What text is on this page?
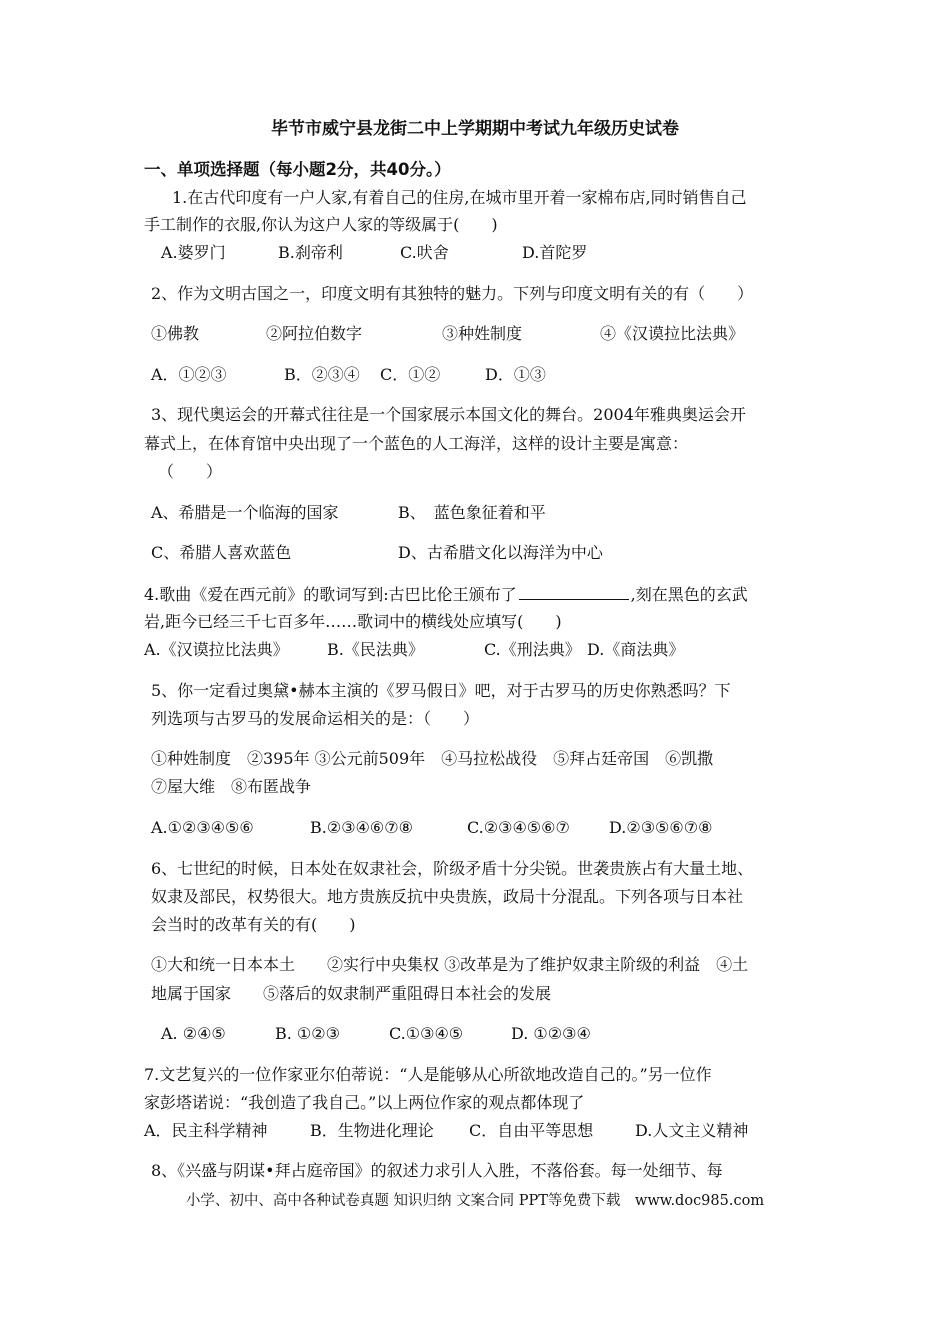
毕节市威宁县龙街二中上学期期中考试九年级历史试卷
一、单项选择题（每小题2分，共40分。）
1.在古代印度有一户人家,有着自己的住房,在城市里开着一家棉布店,同时销售自己
手工制作的衣服,你认为这户人家的等级属于(　　)
A.婆罗门	B.刹帝利	C.吠舍	D.首陀罗
2、作为文明古国之一，印度文明有其独特的魅力。下列与印度文明有关的有（　　）
①佛教	②阿拉伯数字	③种姓制度	④《汉谟拉比法典》
A．①②③	B．②③④ C．①②	D．①③
3、现代奥运会的开幕式往往是一个国家展示本国文化的舞台。2004年雅典奥运会开
幕式上，在体育馆中央出现了一个蓝色的人工海洋，这样的设计主要是寓意：
（　　）
A、希腊是一个临海的国家	B、　蓝色象征着和平
C、希腊人喜欢蓝色	D、古希腊文化以海洋为中心
4.歌曲《爱在西元前》的歌词写到:古巴比伦王颁布了	,刻在黑色的玄武
岩,距今已经三千七百多年……歌词中的横线处应填写(　　)
A.《汉谟拉比法典》 B.《民法典》	C.《刑法典》 D.《商法典》
5、你一定看过奥黛•赫本主演的《罗马假日》吧，对于古罗马的历史你熟悉吗？下
列选项与古罗马的发展命运相关的是：（　　）
①种姓制度　②395年 ③公元前509年　④马拉松战役　⑤拜占廷帝国　⑥凯撒
⑦屋大维　⑧布匿战争
A.①②③④⑤⑥	B.②③④⑥⑦⑧	C.②③④⑤⑥⑦ D.②③⑤⑥⑦⑧
6、七世纪的时候，日本处在奴隶社会，阶级矛盾十分尖锐。世袭贵族占有大量土地、
奴隶及部民，权势很大。地方贵族反抗中央贵族，政局十分混乱。下列各项与日本社
会当时的改革有关的有(　　)
①大和统一日本本土　　②实行中央集权 ③改革是为了维护奴隶主阶级的利益　④土
地属于国家　　⑤落后的奴隶制严重阻碍日本社会的发展
A. ②④⑤	B. ①②③	C.①③④⑤	D. ①②③④
7.文艺复兴的一位作家亚尔伯蒂说：“人是能够从心所欲地改造自己的。”另一位作
家彭塔诺说：“我创造了我自己。”以上两位作家的观点都体现了
A．民主科学精神	B．生物进化理论 C．自由平等思想	D.人文主义精神
8、《兴盛与阴谋•拜占庭帝国》的叙述力求引人入胜，不落俗套。每一处细节、每
小学、初中、高中各种试卷真题 知识归纳 文案合同 PPT等免费下载　www.doc985.com
